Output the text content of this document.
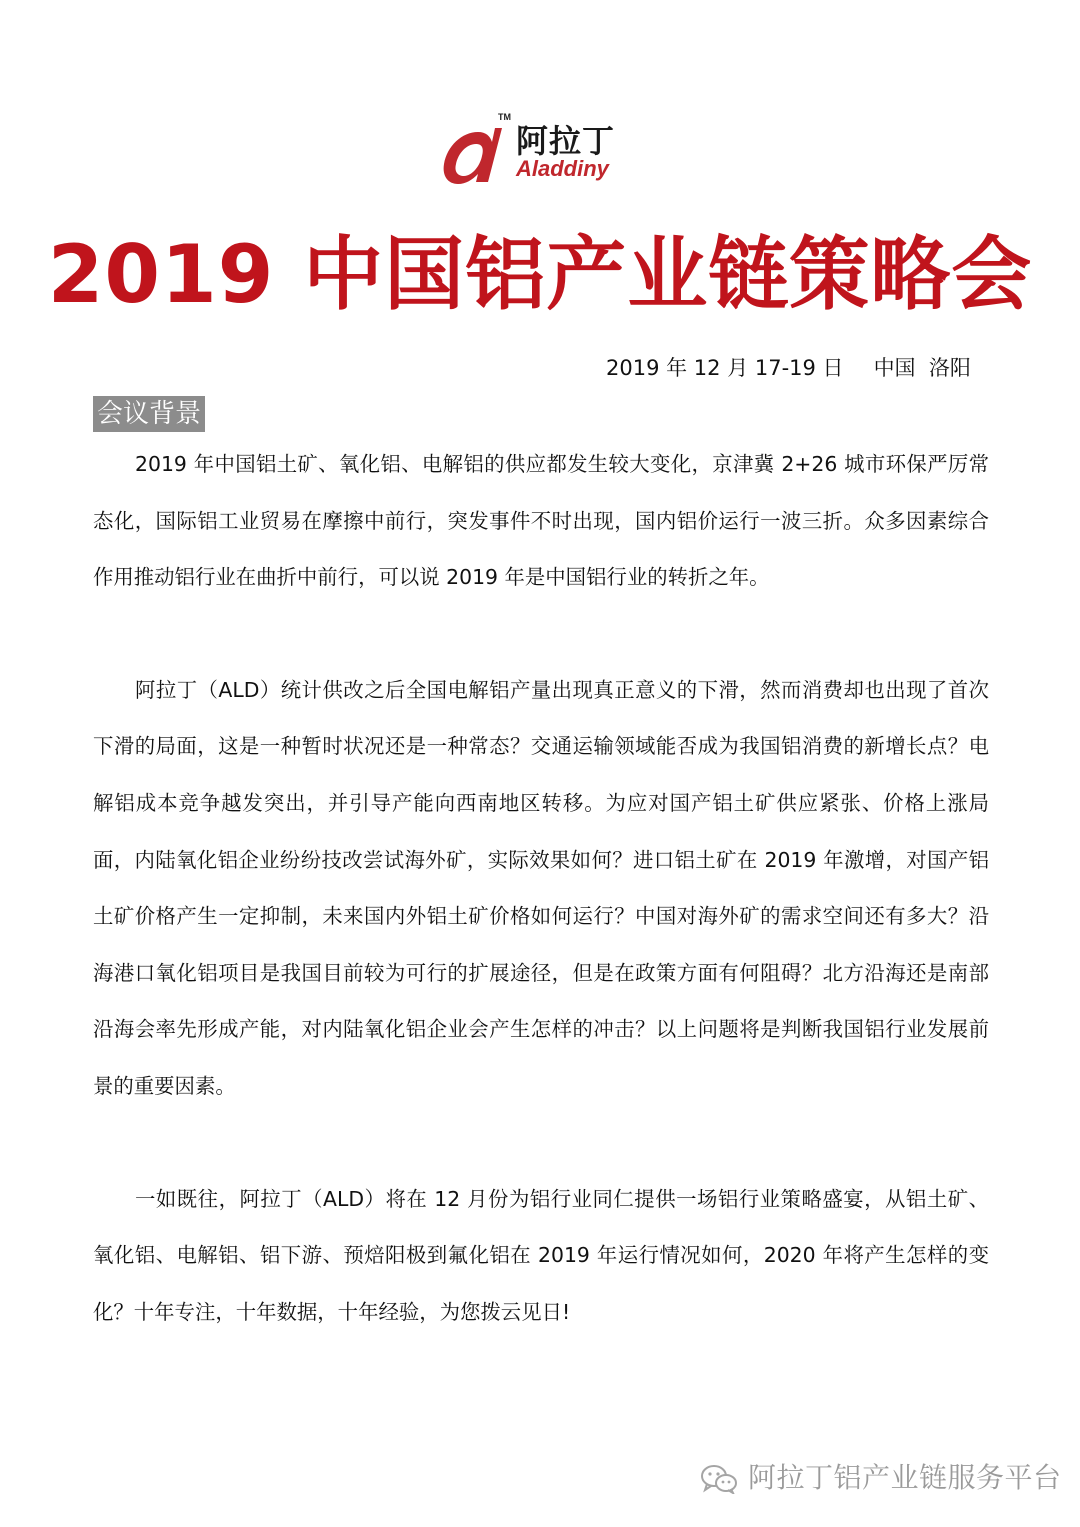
TM
阿拉丁
Aladdiny
2019 中国铝产业链策略会
2019 年 12 月 17-19 日 中国  洛阳
会议背景

2019 年中国铝土矿、氧化铝、电解铝的供应都发生较大变化，京津冀 2+26 城市环保严厉常态化，国际铝工业贸易在摩擦中前行，突发事件不时出现，国内铝价运行一波三折。众多因素综合作用推动铝行业在曲折中前行，可以说 2019 年是中国铝行业的转折之年。

阿拉丁（ALD）统计供改之后全国电解铝产量出现真正意义的下滑，然而消费却也出现了首次下滑的局面，这是一种暂时状况还是一种常态？交通运输领域能否成为我国铝消费的新增长点？电解铝成本竞争越发突出，并引导产能向西南地区转移。为应对国产铝土矿供应紧张、价格上涨局面，内陆氧化铝企业纷纷技改尝试海外矿，实际效果如何？进口铝土矿在 2019 年激增，对国产铝土矿价格产生一定抑制，未来国内外铝土矿价格如何运行？中国对海外矿的需求空间还有多大？沿海港口氧化铝项目是我国目前较为可行的扩展途径，但是在政策方面有何阻碍？北方沿海还是南部沿海会率先形成产能，对内陆氧化铝企业会产生怎样的冲击？以上问题将是判断我国铝行业发展前景的重要因素。

一如既往，阿拉丁（ALD）将在 12 月份为铝行业同仁提供一场铝行业策略盛宴，从铝土矿、氧化铝、电解铝、铝下游、预焙阳极到氟化铝在 2019 年运行情况如何，2020 年将产生怎样的变化？十年专注，十年数据，十年经验，为您拨云见日!

阿拉丁铝产业链服务平台
